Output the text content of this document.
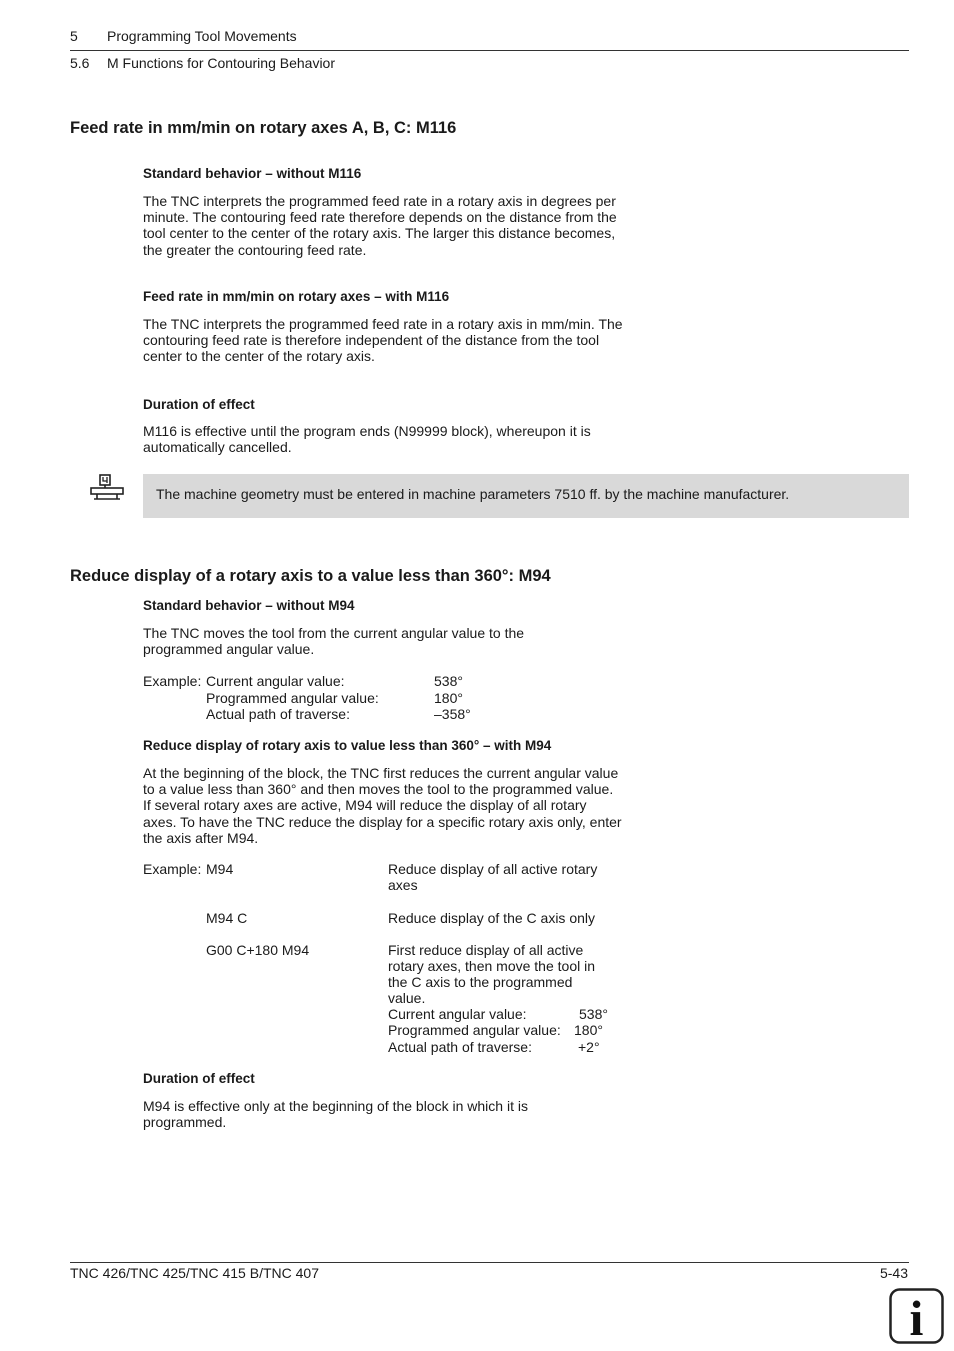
5 Programming Tool Movements
5.6 M Functions for Contouring Behavior
Feed rate in mm/min on rotary axes A, B, C: M116
Standard behavior – without M116

The TNC interprets the programmed feed rate in a rotary axis in degrees per minute. The contouring feed rate therefore depends on the distance from the tool center to the center of the rotary axis. The larger this distance becomes, the greater the contouring feed rate.

Feed rate in mm/min on rotary axes – with M116

The TNC interprets the programmed feed rate in a rotary axis in mm/min. The contouring feed rate is therefore independent of the distance from the tool center to the center of the rotary axis.

Duration of effect

M116 is effective until the program ends (N99999 block), whereupon it is automatically cancelled.

The machine geometry must be entered in machine parameters 7510 ff. by the machine manufacturer.
Reduce display of a rotary axis to a value less than 360°: M94
Standard behavior – without M94

The TNC moves the tool from the current angular value to the programmed angular value.

Example: Current angular value:	538°
Programmed angular value:	180°
Actual path of traverse:	–358°
Reduce display of rotary axis to value less than 360° – with M94

At the beginning of the block, the TNC first reduces the current angular value to a value less than 360° and then moves the tool to the programmed value. If several rotary axes are active, M94 will reduce the display of all rotary axes. To have the TNC reduce the display for a specific rotary axis only, enter the axis after M94.

Example: M94	Reduce display of all active rotary
axes
M94 C	Reduce display of the C axis only
G00 C+180 M94	First reduce display of all active
rotary axes, then move the tool in
the C axis to the programmed
value.
Current angular value:	538°
Programmed angular value: 180°
Actual path of traverse:	+2°
Duration of effect

M94 is effective only at the beginning of the block in which it is programmed.

TNC 426/TNC 425/TNC 415 B/TNC 407	5-43
i
